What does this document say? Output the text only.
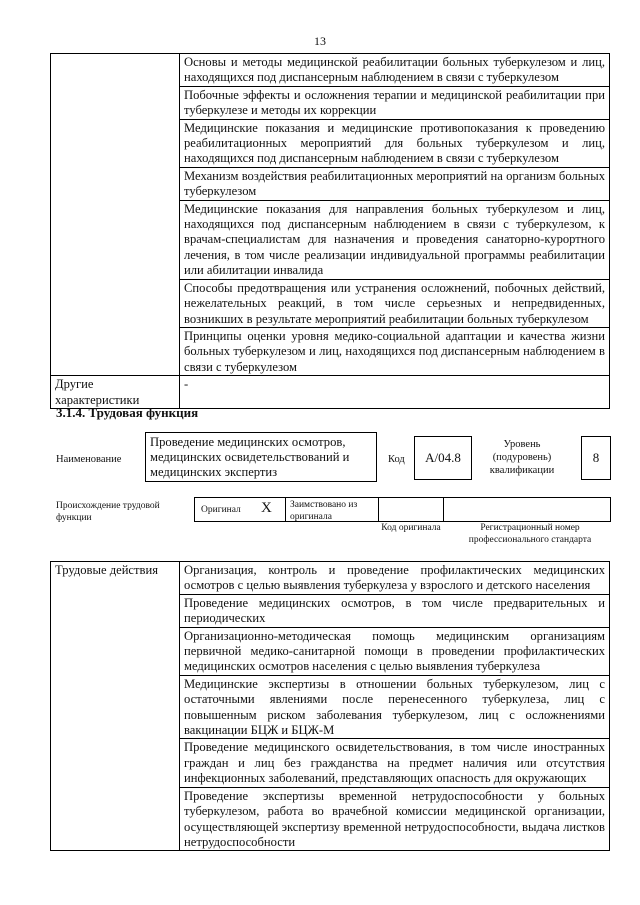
13
	Основы и методы медицинской реабилитации больных туберкулезом и лиц, находящихся под диспансерным наблюдением в связи с туберкулезом
	Побочные эффекты и осложнения терапии и медицинской реабилитации при туберкулезе и методы их коррекции
	Медицинские показания и медицинские противопоказания к проведению реабилитационных мероприятий для больных туберкулезом и лиц, находящихся под диспансерным наблюдением в связи с туберкулезом
	Механизм воздействия реабилитационных мероприятий на организм больных туберкулезом
	Медицинские показания для направления больных туберкулезом и лиц, находящихся под диспансерным наблюдением в связи с туберкулезом, к врачам-специалистам для назначения и проведения санаторно-курортного лечения, в том числе реализации индивидуальной программы реабилитации или абилитации инвалида
	Способы предотвращения или устранения осложнений, побочных действий, нежелательных реакций, в том числе серьезных и непредвиденных, возникших в результате мероприятий реабилитации больных туберкулезом
	Принципы оценки уровня медико-социальной адаптации и качества жизни больных туберкулезом и лиц, находящихся под диспансерным наблюдением в связи с туберкулезом
Другие характеристики	-
3.1.4. Трудовая функция
Наименование
Проведение медицинских осмотров, медицинских освидетельствований и медицинских экспертиз
Код	A/04.8
Уровень (подуровень) квалификации
8
Происхождение трудовой функции
Оригинал X Заимствовано из оригинала
Код оригинала	Регистрационный номер профессионального стандарта
Трудовые действия	Организация, контроль и проведение профилактических медицинских осмотров с целью выявления туберкулеза у взрослого и детского населения
Проведение медицинских осмотров, в том числе предварительных и периодических
Организационно-методическая помощь медицинским организациям первичной медико-санитарной помощи в проведении профилактических медицинских осмотров населения с целью выявления туберкулеза
Медицинские экспертизы в отношении больных туберкулезом, лиц с остаточными явлениями после перенесенного туберкулеза, лиц с повышенным риском заболевания туберкулезом, лиц с осложнениями вакцинации БЦЖ и БЦЖ-М
Проведение медицинского освидетельствования, в том числе иностранных граждан и лиц без гражданства на предмет наличия или отсутствия инфекционных заболеваний, представляющих опасность для окружающих
Проведение экспертизы временной нетрудоспособности у больных туберкулезом, работа во врачебной комиссии медицинской организации, осуществляющей экспертизу временной нетрудоспособности, выдача листков нетрудоспособности
